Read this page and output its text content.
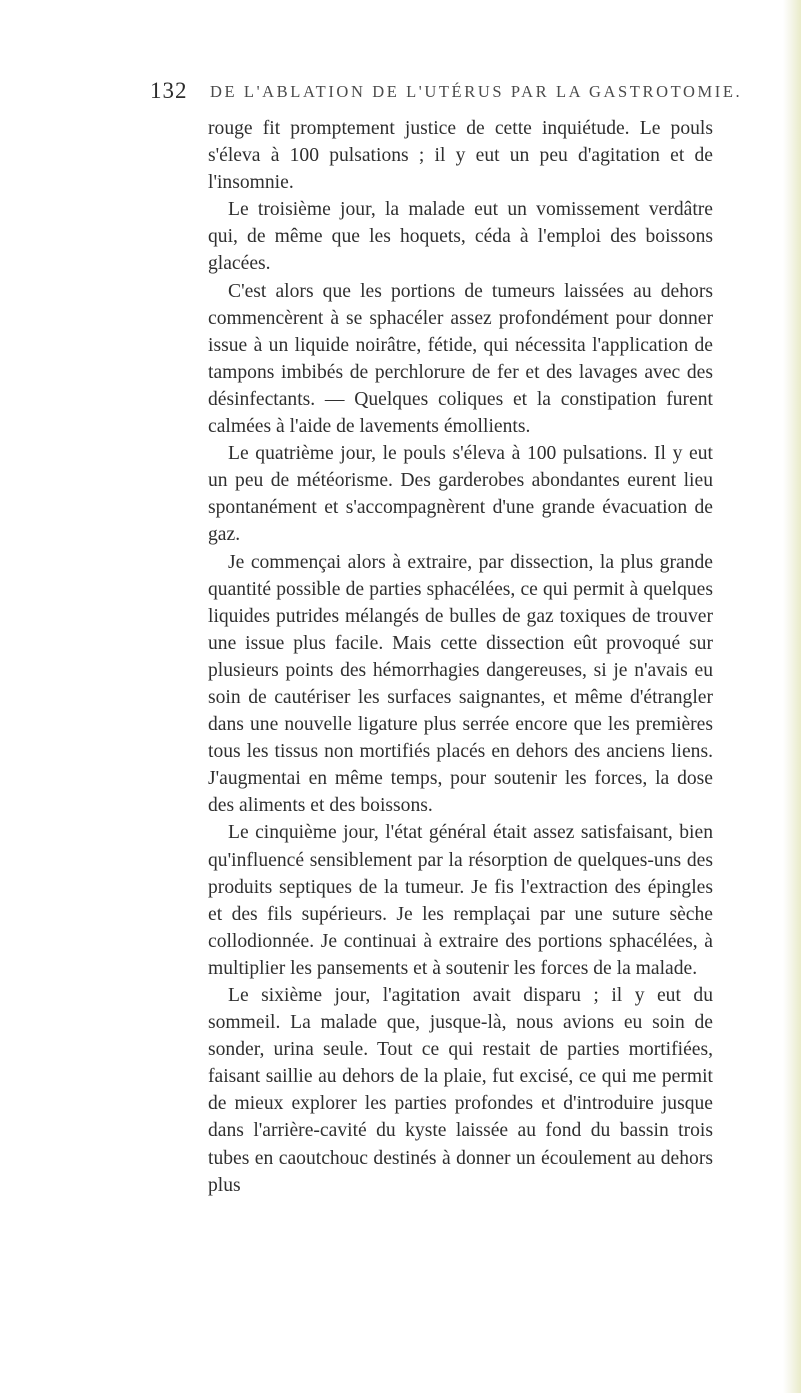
132 DE L'ABLATION DE L'UTÉRUS PAR LA GASTROTOMIE.

rouge fit promptement justice de cette inquiétude. Le pouls s'éleva à 100 pulsations ; il y eut un peu d'agitation et de l'insomnie.

Le troisième jour, la malade eut un vomissement verdâtre qui, de même que les hoquets, céda à l'emploi des boissons glacées.

C'est alors que les portions de tumeurs laissées au dehors commencèrent à se sphacéler assez profondément pour donner issue à un liquide noirâtre, fétide, qui nécessita l'application de tampons imbibés de perchlorure de fer et des lavages avec des désinfectants. — Quelques coliques et la constipation furent calmées à l'aide de lavements émollients.

Le quatrième jour, le pouls s'éleva à 100 pulsations. Il y eut un peu de météorisme. Des garderobes abondantes eurent lieu spontanément et s'accompagnèrent d'une grande évacuation de gaz.

Je commençai alors à extraire, par dissection, la plus grande quantité possible de parties sphacélées, ce qui permit à quelques liquides putrides mélangés de bulles de gaz toxiques de trouver une issue plus facile. Mais cette dissection eût provoqué sur plusieurs points des hémorrhagies dangereuses, si je n'avais eu soin de cautériser les surfaces saignantes, et même d'étrangler dans une nouvelle ligature plus serrée encore que les premières tous les tissus non mortifiés placés en dehors des anciens liens. J'augmentai en même temps, pour soutenir les forces, la dose des aliments et des boissons.

Le cinquième jour, l'état général était assez satisfaisant, bien qu'influencé sensiblement par la résorption de quelques-uns des produits septiques de la tumeur. Je fis l'extraction des épingles et des fils supérieurs. Je les remplaçai par une suture sèche collodionnée. Je continuai à extraire des portions sphacélées, à multiplier les pansements et à soutenir les forces de la malade.

Le sixième jour, l'agitation avait disparu ; il y eut du sommeil. La malade que, jusque-là, nous avions eu soin de sonder, urina seule. Tout ce qui restait de parties mortifiées, faisant saillie au dehors de la plaie, fut excisé, ce qui me permit de mieux explorer les parties profondes et d'introduire jusque dans l'arrière-cavité du kyste laissée au fond du bassin trois tubes en caoutchouc destinés à donner un écoulement au dehors plus
